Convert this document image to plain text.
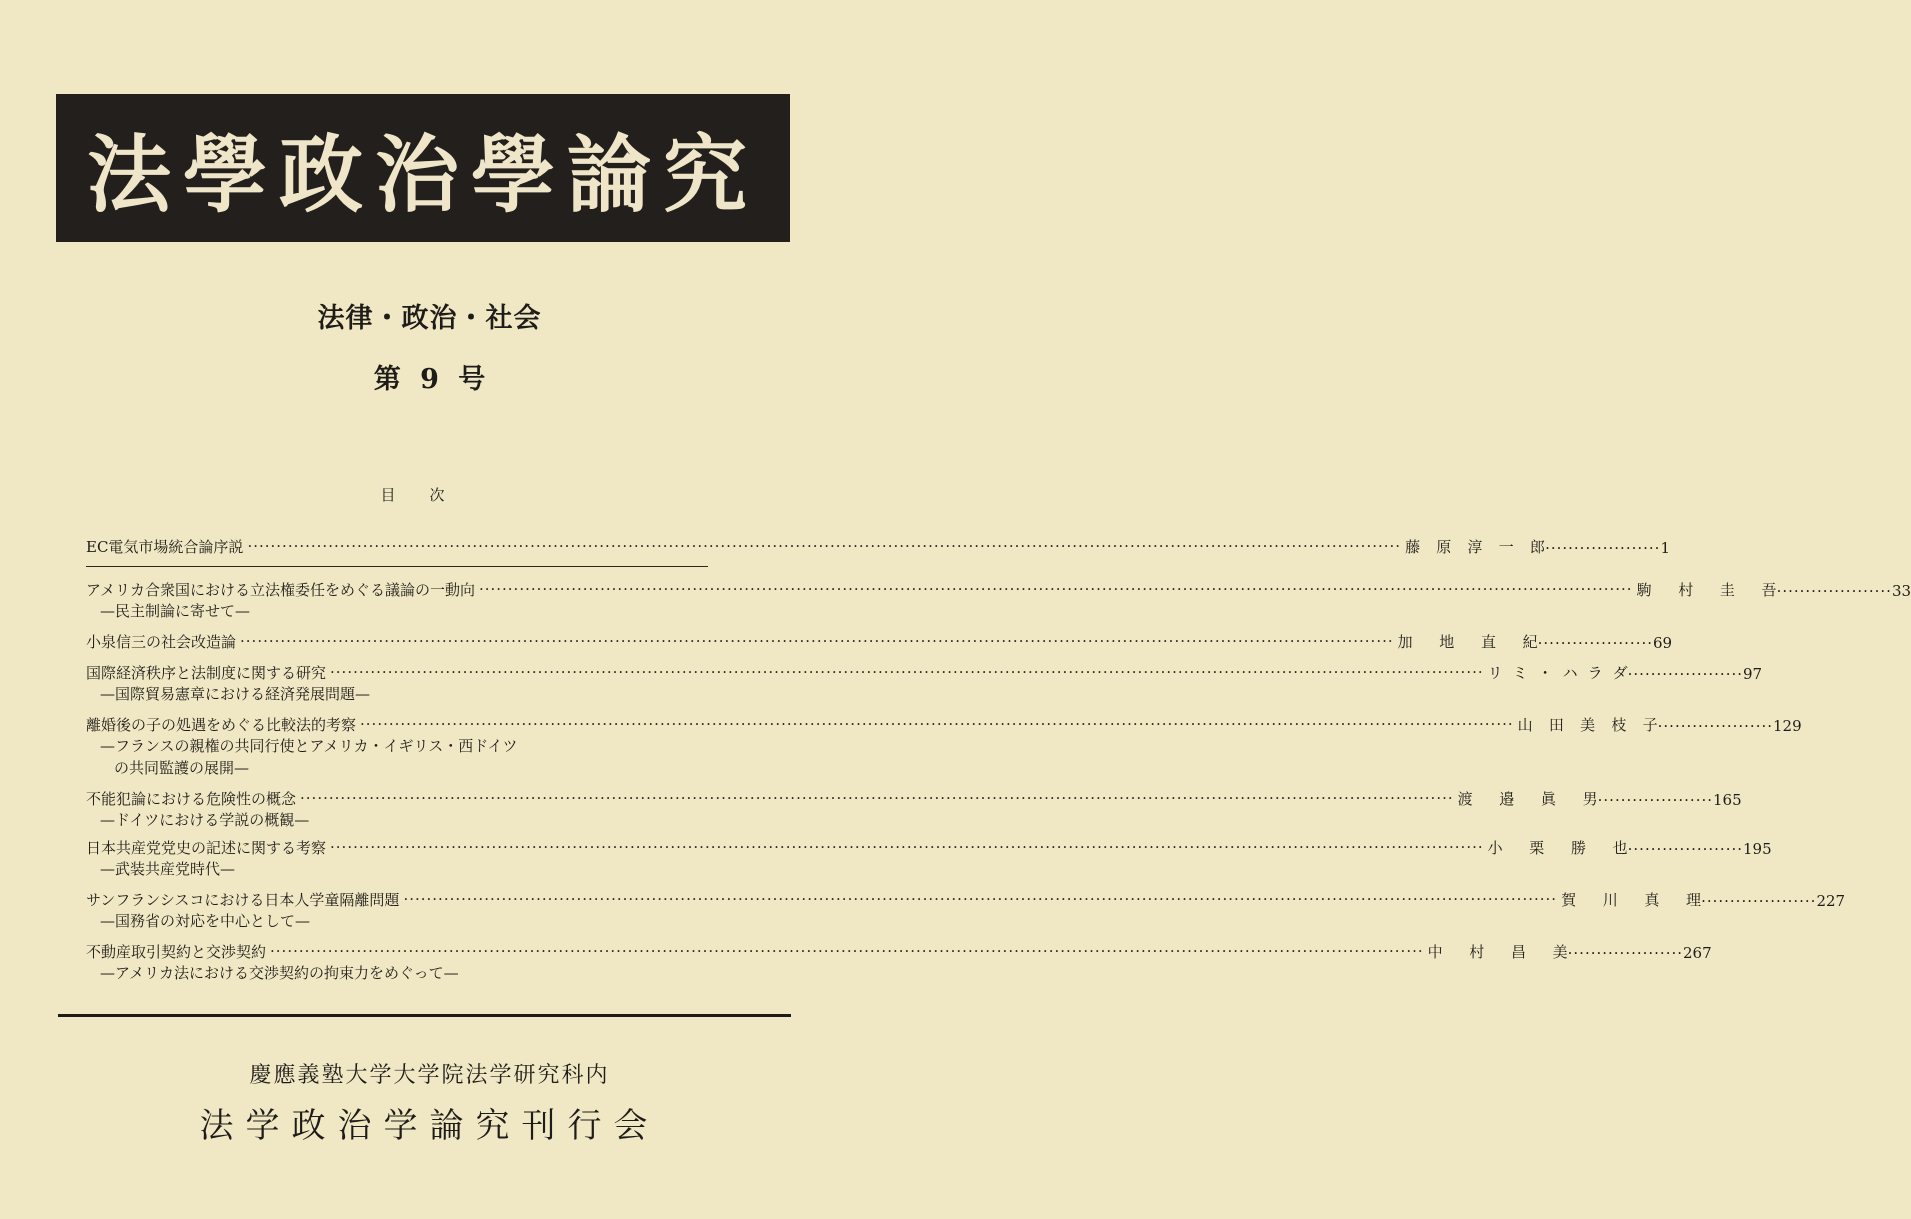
法學政治學論究
法律・政治・社会
第 9 号
目次
EC電気市場統合論序説 ········································································································································································································ 藤 原 淳 一 郎 ···················· 1
アメリカ合衆国における立法権委任をめぐる議論の一動向 ········································································································································································································ 駒 村 圭 吾 ···················· 33
—民主制論に寄せて—
小泉信三の社会改造論 ········································································································································································································ 加 地 直 紀 ···················· 69
国際経済秩序と法制度に関する研究 ········································································································································································································ リ ミ ・ ハ ラ ダ ···················· 97
—国際貿易憲章における経済発展問題—
離婚後の子の処遇をめぐる比較法的考察 ········································································································································································································ 山 田 美 枝 子 ···················· 129
—フランスの親権の共同行使とアメリカ・イギリス・西ドイツ
の共同監護の展開—
不能犯論における危険性の概念 ········································································································································································································ 渡 邉 眞 男 ···················· 165
—ドイツにおける学説の概観—
日本共産党党史の記述に関する考察 ········································································································································································································ 小 栗 勝 也 ···················· 195
—武装共産党時代—
サンフランシスコにおける日本人学童隔離問題 ········································································································································································································ 賀 川 真 理 ···················· 227
—国務省の対応を中心として—
不動産取引契約と交渉契約 ········································································································································································································ 中 村 昌 美 ···················· 267
—アメリカ法における交渉契約の拘束力をめぐって—
慶應義塾大学大学院法学研究科内
法学政治学論究刊行会
